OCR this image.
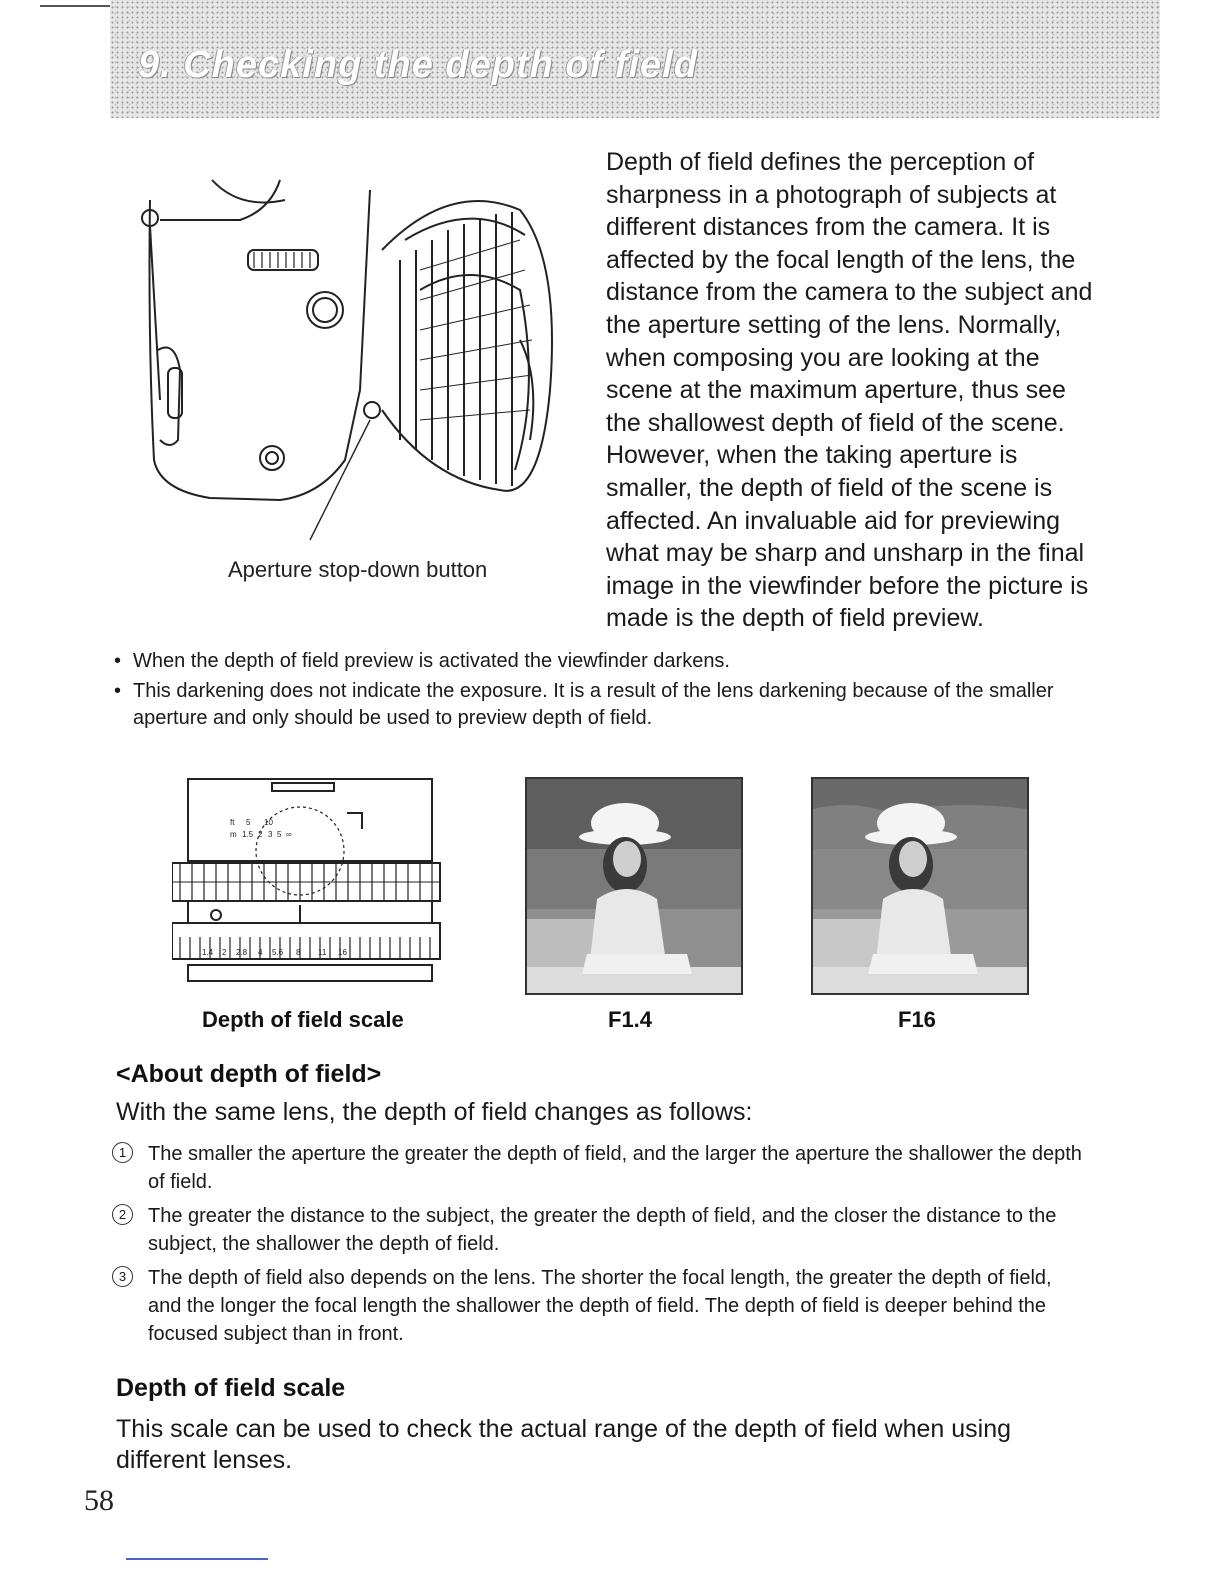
9. Checking the depth of field
Aperture stop-down button

Depth of field defines the perception of sharpness in a photograph of subjects at different distances from the camera. It is affected by the focal length of the lens, the distance from the camera to the subject and the aperture setting of the lens. Normally, when composing you are looking at the scene at the maximum aperture, thus see the shallowest depth of field of the scene. However, when the taking aperture is smaller, the depth of field of the scene is affected. An invaluable aid for previewing what may be sharp and unsharp in the final image in the viewfinder before the picture is made is the depth of field preview.

• When the depth of field preview is activated the viewfinder darkens.
• This darkening does not indicate the exposure. It is a result of the lens darkening because of the smaller aperture and only should be used to preview depth of field.
ft 5 10
m 1.5 2 3 5 ∞
1.4 2 2.8 4 5.6 8 11 16
Depth of field scale	F1.4	F16
<About depth of field>

With the same lens, the depth of field changes as follows:

1	The smaller the aperture the greater the depth of field, and the larger the aperture the shallower the depth of field.
2	The greater the distance to the subject, the greater the depth of field, and the closer the distance to the subject, the shallower the depth of field.
3	The depth of field also depends on the lens. The shorter the focal length, the greater the depth of field, and the longer the focal length the shallower the depth of field. The depth of field is deeper behind the focused subject than in front.
Depth of field scale

This scale can be used to check the actual range of the depth of field when using different lenses.

58
